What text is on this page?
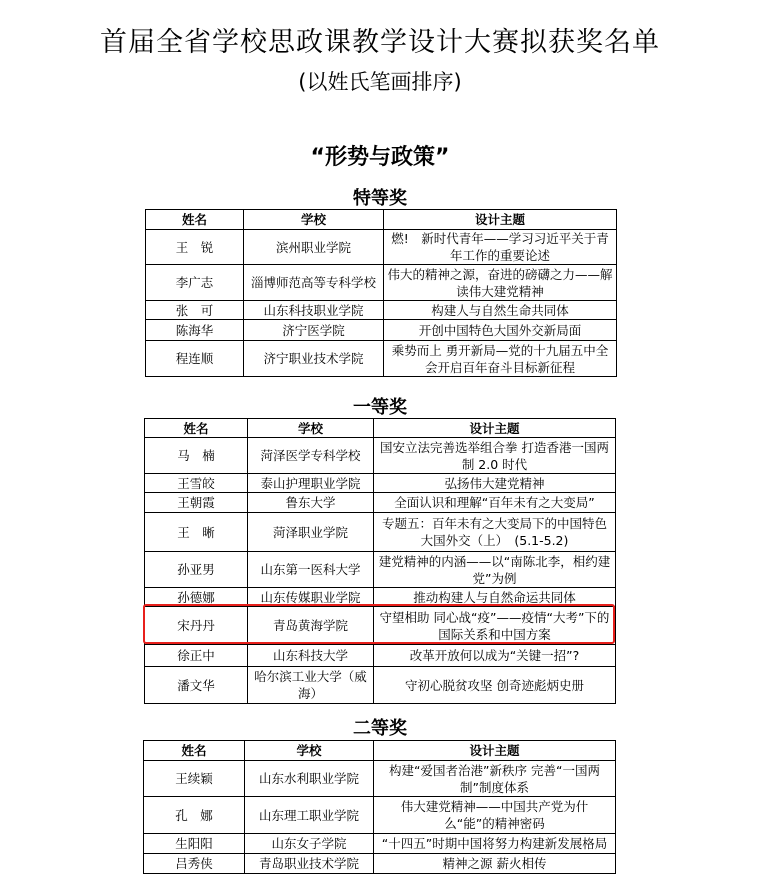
首届全省学校思政课教学设计大赛拟获奖名单
(以姓氏笔画排序)
“形势与政策”
特等奖
姓名	学校	设计主题
王　锐	滨州职业学院	燃!　新时代青年——学习习近平关于青年工作的重要论述
李广志	淄博师范高等专科学校	伟大的精神之源，奋进的磅礴之力——解读伟大建党精神
张　可	山东科技职业学院	构建人与自然生命共同体
陈海华	济宁医学院	开创中国特色大国外交新局面
程连顺	济宁职业技术学院	乘势而上 勇开新局—党的十九届五中全会开启百年奋斗目标新征程
一等奖
姓名	学校	设计主题
马　楠	菏泽医学专科学校	国安立法完善选举组合拳 打造香港一国两制 2.0 时代
王雪皎	泰山护理职业学院	弘扬伟大建党精神
王朝霞	鲁东大学	全面认识和理解“百年未有之大变局”
王　晰	菏泽职业学院	专题五：百年未有之大变局下的中国特色大国外交（上）　(5.1-5.2)
孙亚男	山东第一医科大学	建党精神的内涵——以“南陈北李，相约建党”为例
孙德娜	山东传媒职业学院	推动构建人与自然命运共同体
宋丹丹	青岛黄海学院	守望相助 同心战“疫”——疫情“大考”下的国际关系和中国方案
徐正中	山东科技大学	改革开放何以成为“关键一招”?
潘文华	哈尔滨工业大学（威海）	守初心脱贫攻坚 创奇迹彪炳史册
二等奖
姓名	学校	设计主题
王续颖	山东水利职业学院	构建“爱国者治港”新秩序 完善“一国两制”制度体系
孔　娜	山东理工职业学院	伟大建党精神——中国共产党为什么“能”的精神密码
生阳阳	山东女子学院	“十四五”时期中国将努力构建新发展格局
吕秀侠	青岛职业技术学院	精神之源 薪火相传
